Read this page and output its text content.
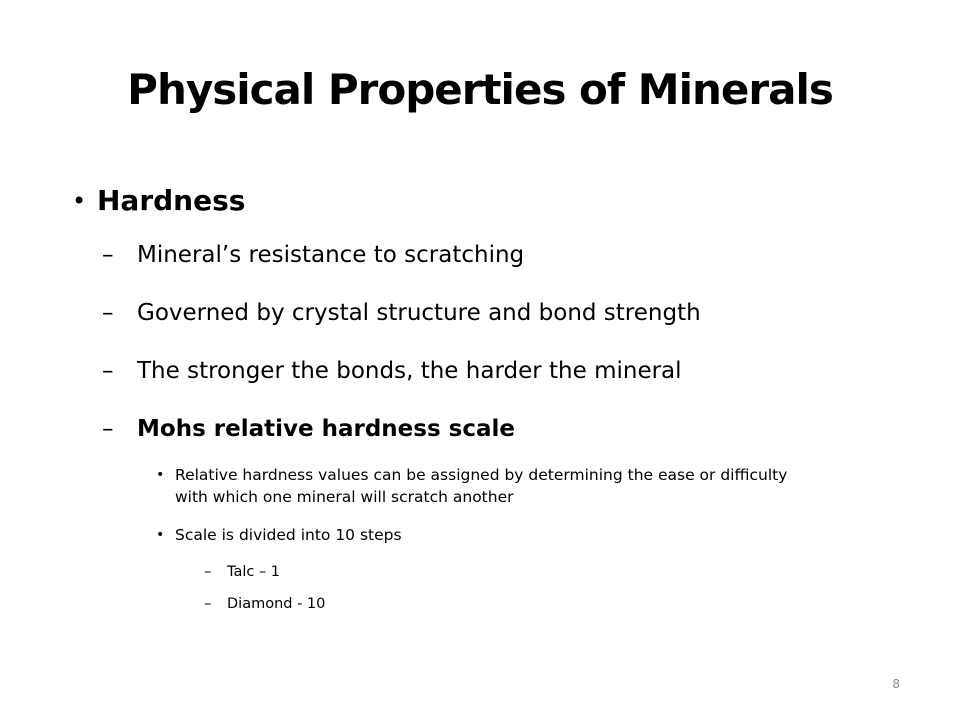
Physical Properties of Minerals
• Hardness
– Mineral’s resistance to scratching
– Governed by crystal structure and bond strength
– The stronger the bonds, the harder the mineral
– Mohs relative hardness scale
• Relative hardness values can be assigned by determining the ease or difficulty with which one mineral will scratch another
• Scale is divided into 10 steps
– Talc – 1
– Diamond - 10
8
